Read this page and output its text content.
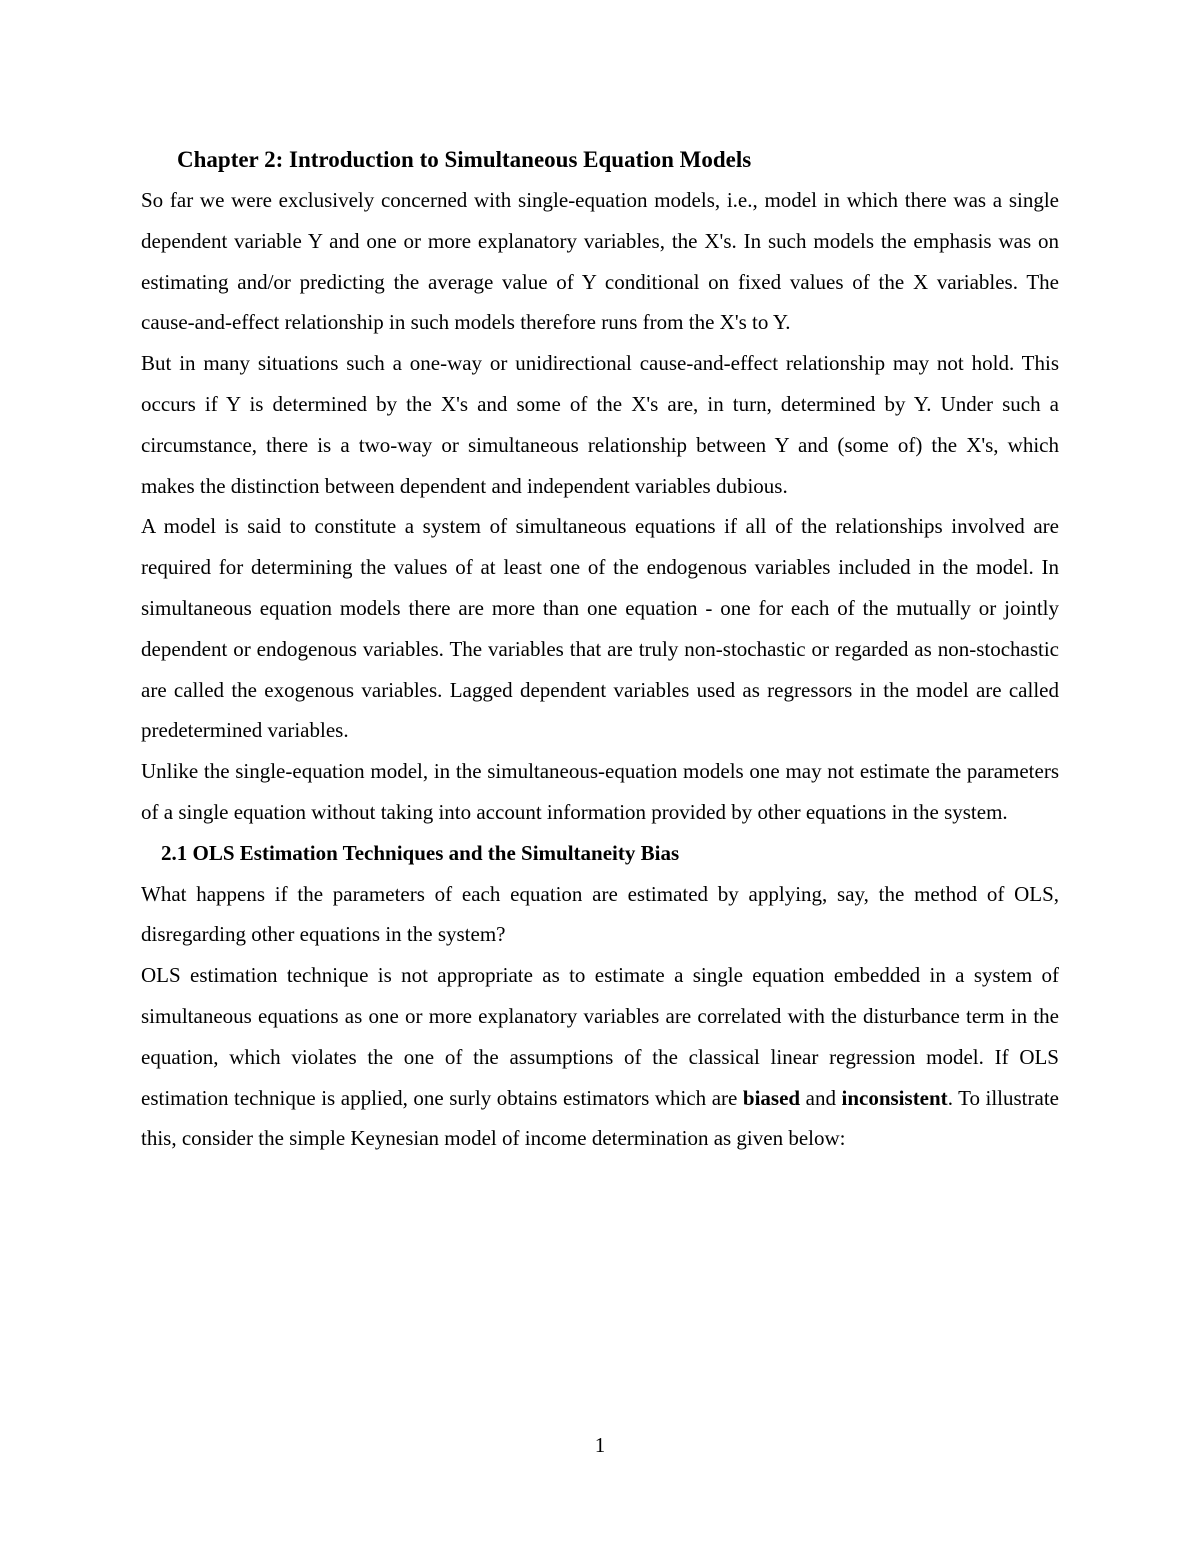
Chapter 2: Introduction to Simultaneous Equation Models

So far we were exclusively concerned with single-equation models, i.e., model in which there was a single dependent variable Y and one or more explanatory variables, the X's. In such models the emphasis was on estimating and/or predicting the average value of Y conditional on fixed values of the X variables. The cause-and-effect relationship in such models therefore runs from the X's to Y.

But in many situations such a one-way or unidirectional cause-and-effect relationship may not hold. This occurs if Y is determined by the X's and some of the X's are, in turn, determined by Y. Under such a circumstance, there is a two-way or simultaneous relationship between Y and (some of) the X's, which makes the distinction between dependent and independent variables dubious.

A model is said to constitute a system of simultaneous equations if all of the relationships involved are required for determining the values of at least one of the endogenous variables included in the model. In simultaneous equation models there are more than one equation - one for each of the mutually or jointly dependent or endogenous variables. The variables that are truly non-stochastic or regarded as non-stochastic are called the exogenous variables. Lagged dependent variables used as regressors in the model are called predetermined variables.

Unlike the single-equation model, in the simultaneous-equation models one may not estimate the parameters of a single equation without taking into account information provided by other equations in the system.

2.1 OLS Estimation Techniques and the Simultaneity Bias

What happens if the parameters of each equation are estimated by applying, say, the method of OLS, disregarding other equations in the system?

OLS estimation technique is not appropriate as to estimate a single equation embedded in a system of simultaneous equations as one or more explanatory variables are correlated with the disturbance term in the equation, which violates the one of the assumptions of the classical linear regression model. If OLS estimation technique is applied, one surly obtains estimators which are biased and inconsistent. To illustrate this, consider the simple Keynesian model of income determination as given below:

1
